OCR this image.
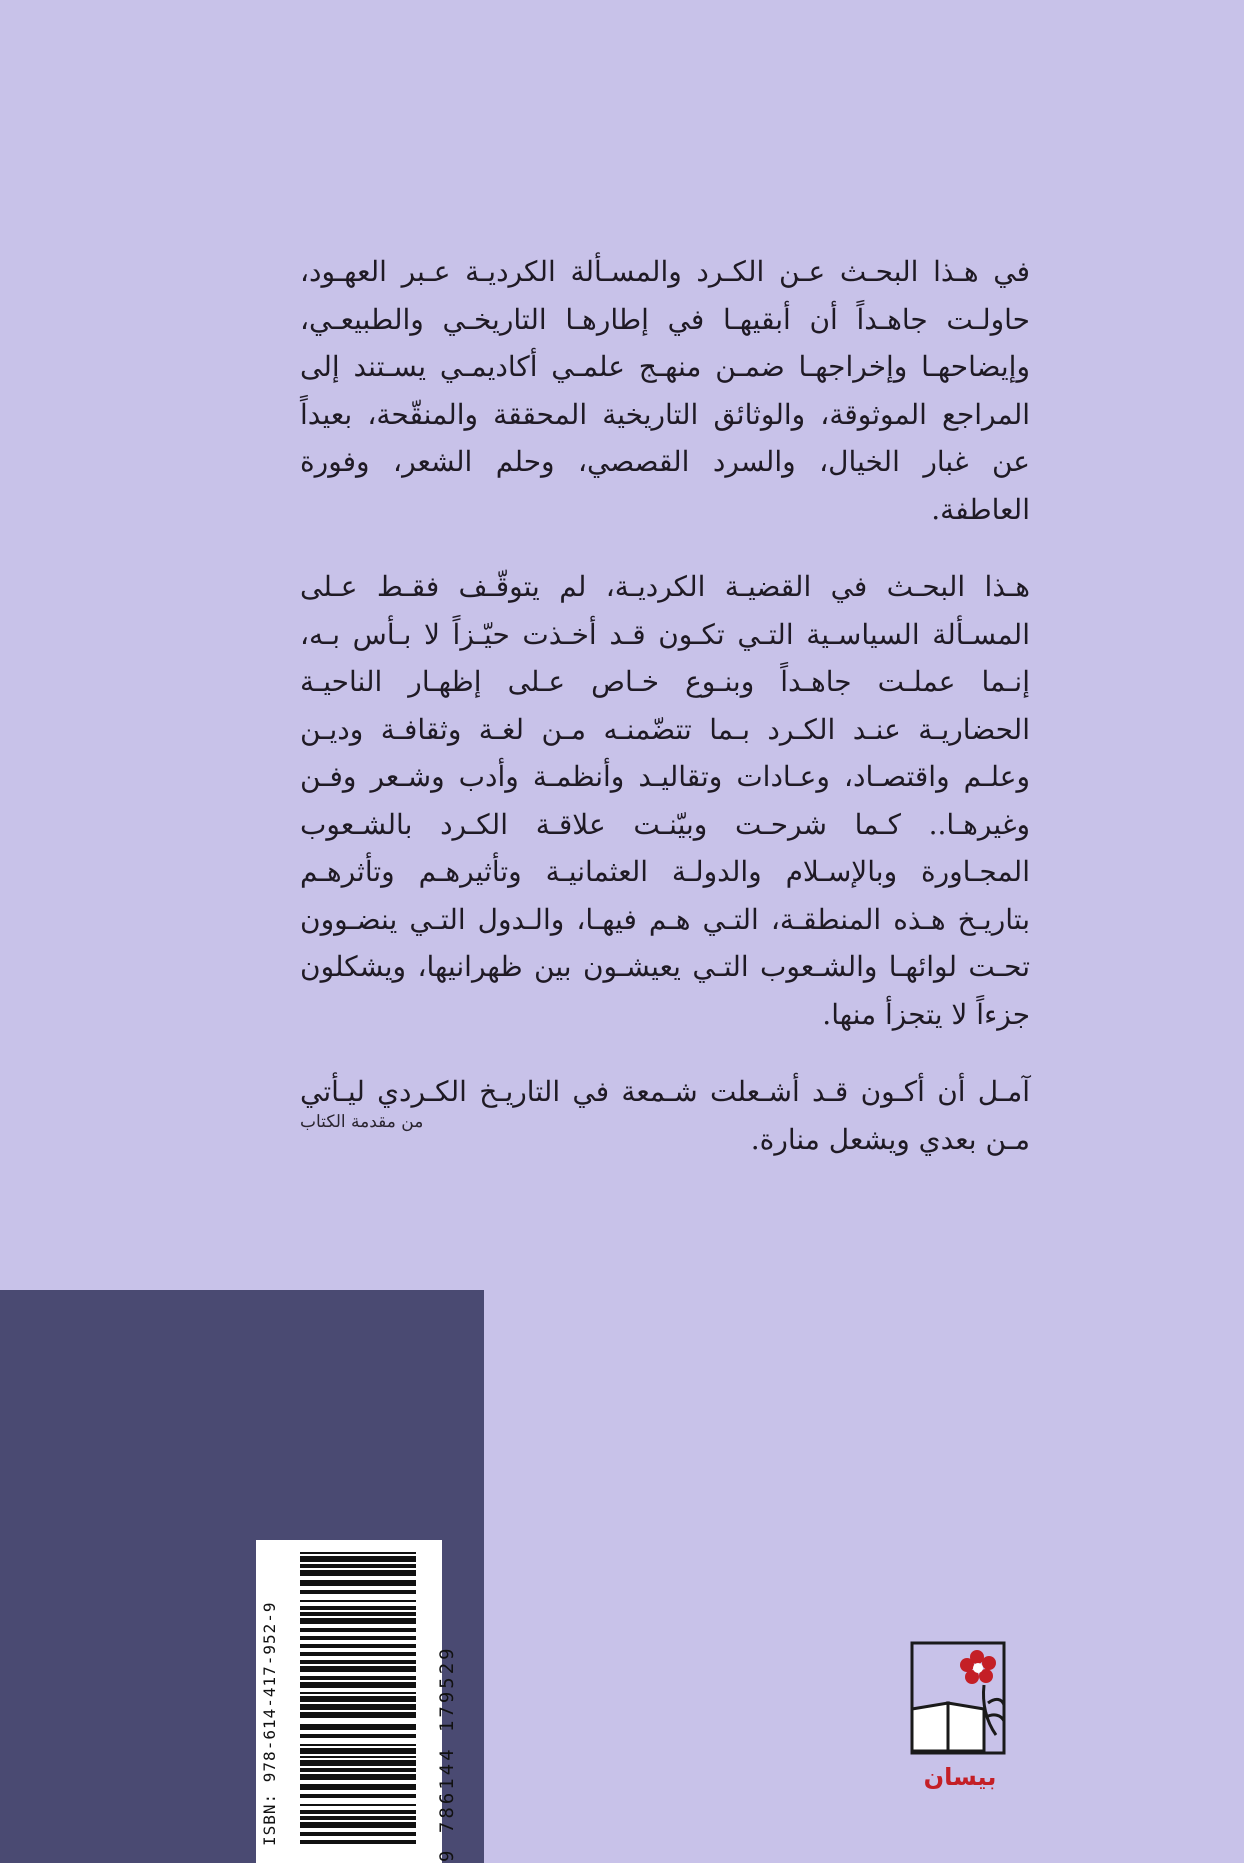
في هـذا البحـث عـن الكـرد والمسـألة الكرديـة عـبر العهـود، حاولـت جاهـداً أن أبقيهـا في إطارهـا التاريخـي والطبيعـي، وإيضاحهـا وإخراجهـا ضمـن منهـج علمـي أكاديمـي يسـتند إلى المراجع الموثوقة، والوثائق التاريخية المحققة والمنقّحة، بعيداً عن غبار الخيال، والسرد القصصي، وحلم الشعر، وفورة العاطفة.

هـذا البحـث في القضيـة الكرديـة، لم يتوقّـف فقـط عـلى المسـألة السياسـية التـي تكـون قـد أخـذت حيّـزاً لا بـأس بـه، إنـما عملـت جاهـداً وبنـوع خـاص عـلى إظهـار الناحيـة الحضاريـة عنـد الكـرد بـما تتضّمنـه مـن لغـة وثقافـة وديـن وعلـم واقتصـاد، وعـادات وتقاليـد وأنظمـة وأدب وشـعر وفـن وغيرهـا.. كـما شرحـت وبيّنـت علاقـة الكـرد بالشـعوب المجـاورة وبالإسـلام والدولـة العثمانيـة وتأثيرهـم وتأثرهـم بتاريـخ هـذه المنطقـة، التـي هـم فيهـا، والـدول التـي ينضـوون تحـت لوائهـا والشـعوب التـي يعيشـون بين ظهرانيها، ويشكلون جزءاً لا يتجزأ منها.

آمـل أن أكـون قـد أشـعلت شـمعة في التاريـخ الكـردي ليـأتي مـن بعدي ويشعل منارة.

من مقدمة الكتاب
ISBN: 978-614-417-952-9	9 786144 179529	بيسان
